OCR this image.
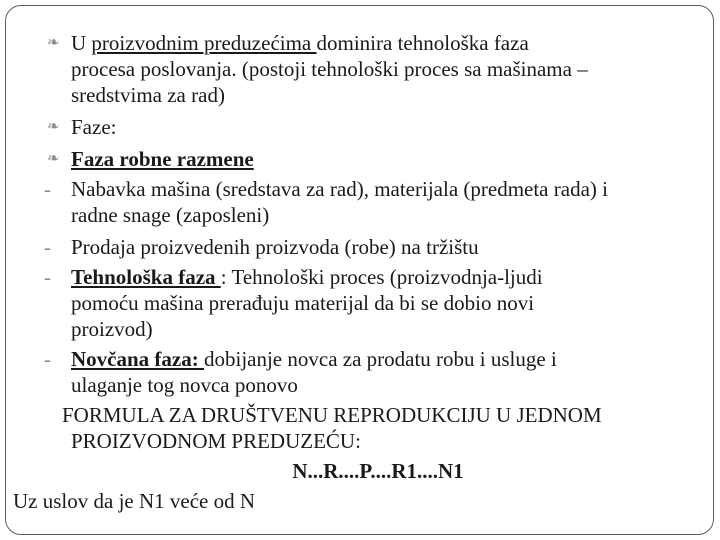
❧ U proizvodnim preduzećima dominira tehnološka faza
procesa poslovanja. (postoji tehnološki proces sa mašinama –
sredstvima za rad)
❧ Faze:
❧ Faza robne razmene
- Nabavka mašina (sredstava za rad), materijala (predmeta rada) i
radne snage (zaposleni)
- Prodaja proizvedenih proizvoda (robe) na tržištu
- Tehnološka faza : Tehnološki proces (proizvodnja-ljudi
pomoću mašina prerađuju materijal da bi se dobio novi
proizvod)
- Novčana faza: dobijanje novca za prodatu robu i usluge i
ulaganje tog novca ponovo
FORMULA ZA DRUŠTVENU REPRODUKCIJU U JEDNOM
PROIZVODNOM PREDUZEĆU:
N...R....P....R1....N1
Uz uslov da je N1 veće od N
